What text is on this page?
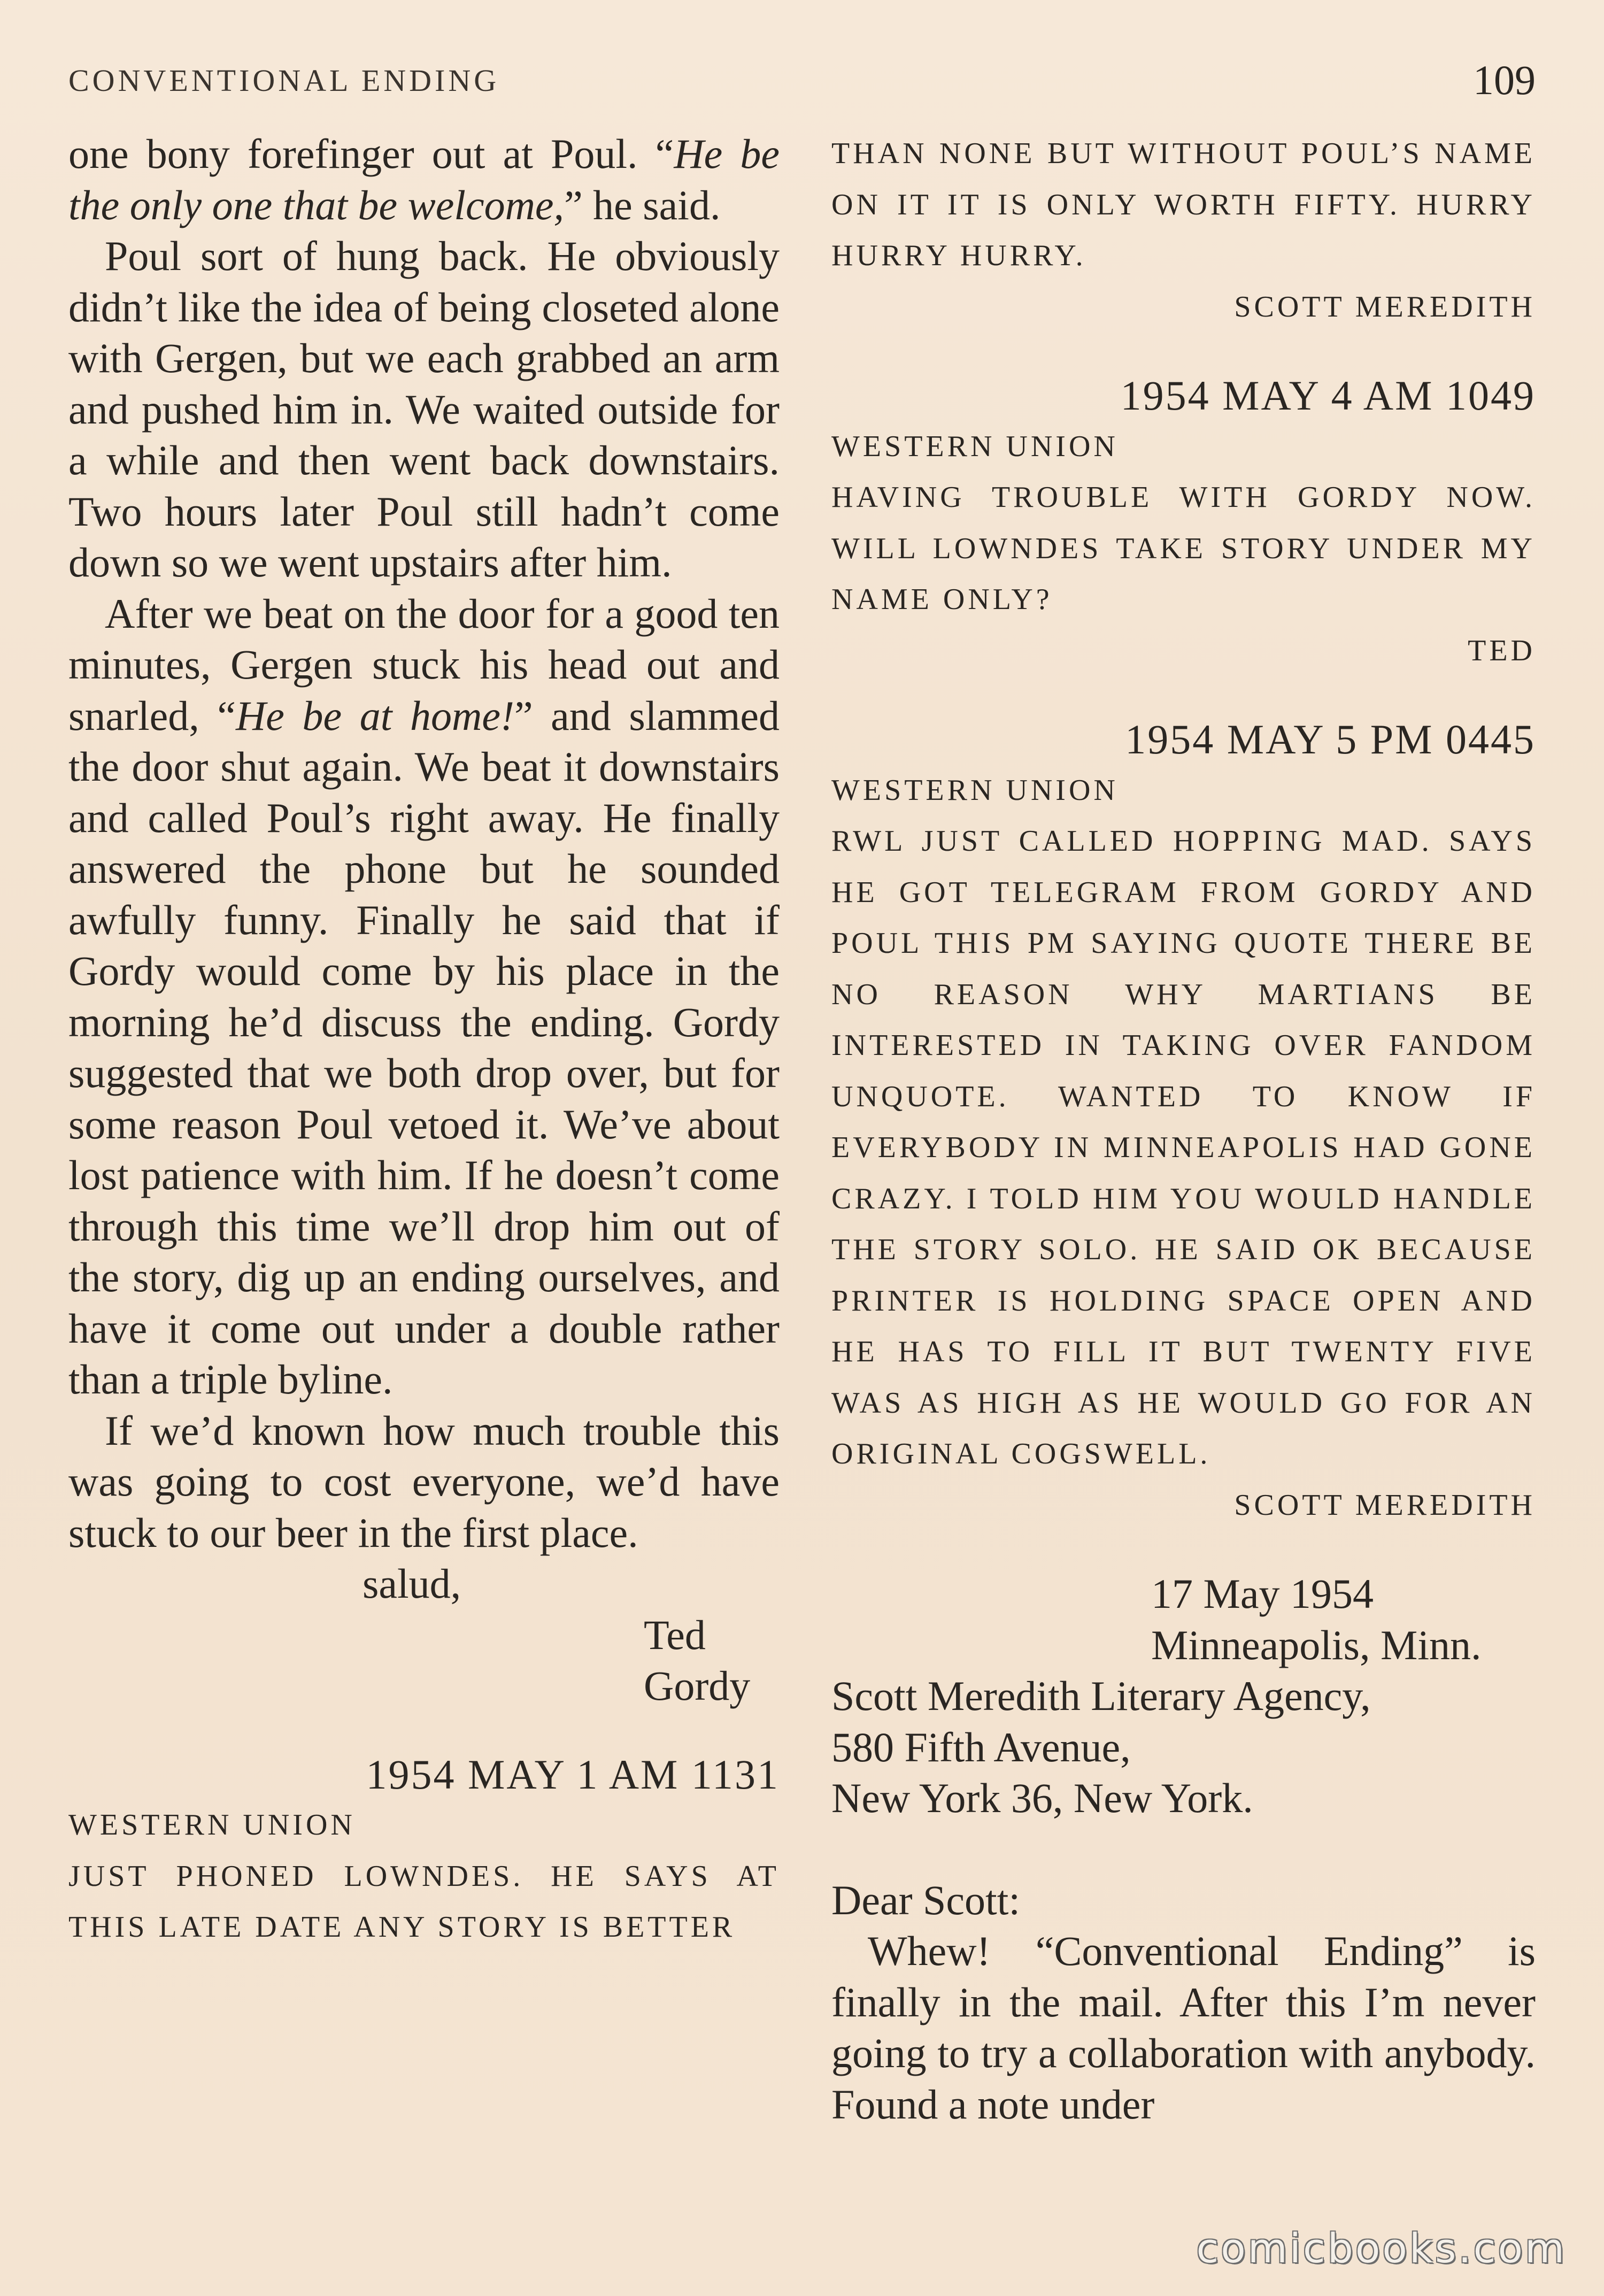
CONVENTIONAL ENDING	109

one bony forefinger out at Poul. “He be the only one that be welcome,” he said.

Poul sort of hung back. He obviously didn’t like the idea of being closeted alone with Gergen, but we each grabbed an arm and pushed him in. We waited outside for a while and then went back downstairs. Two hours later Poul still hadn’t come down so we went upstairs after him.

After we beat on the door for a good ten minutes, Gergen stuck his head out and snarled, “He be at home!” and slammed the door shut again. We beat it downstairs and called Poul’s right away. He finally answered the phone but he sounded awfully funny. Finally he said that if Gordy would come by his place in the morning he’d discuss the ending. Gordy suggested that we both drop over, but for some reason Poul vetoed it. We’ve about lost patience with him. If he doesn’t come through this time we’ll drop him out of the story, dig up an ending ourselves, and have it come out under a double rather than a triple byline.

If we’d known how much trouble this was going to cost everyone, we’d have stuck to our beer in the first place.

salud,

Ted

Gordy

1954 MAY 1 AM 1131

WESTERN UNION

JUST PHONED LOWNDES. HE SAYS AT THIS LATE DATE ANY STORY IS BETTER

THAN NONE BUT WITHOUT POUL’S NAME ON IT IT IS ONLY WORTH FIFTY. HURRY HURRY HURRY.

SCOTT MEREDITH

1954 MAY 4 AM 1049

WESTERN UNION

HAVING TROUBLE WITH GORDY NOW. WILL LOWNDES TAKE STORY UNDER MY NAME ONLY?

TED

1954 MAY 5 PM 0445

WESTERN UNION

RWL JUST CALLED HOPPING MAD. SAYS HE GOT TELEGRAM FROM GORDY AND POUL THIS PM SAYING QUOTE THERE BE NO REASON WHY MARTIANS BE INTERESTED IN TAKING OVER FANDOM UNQUOTE. WANTED TO KNOW IF EVERYBODY IN MINNEAPOLIS HAD GONE CRAZY. I TOLD HIM YOU WOULD HANDLE THE STORY SOLO. HE SAID OK BECAUSE PRINTER IS HOLDING SPACE OPEN AND HE HAS TO FILL IT BUT TWENTY FIVE WAS AS HIGH AS HE WOULD GO FOR AN ORIGINAL COGSWELL.

SCOTT MEREDITH

17 May 1954

Minneapolis, Minn.

Scott Meredith Literary Agency,

580 Fifth Avenue,

New York 36, New York.

Dear Scott:

Whew! “Conventional Ending” is finally in the mail. After this I’m never going to try a collaboration with anybody. Found a note under

comicbooks.com
